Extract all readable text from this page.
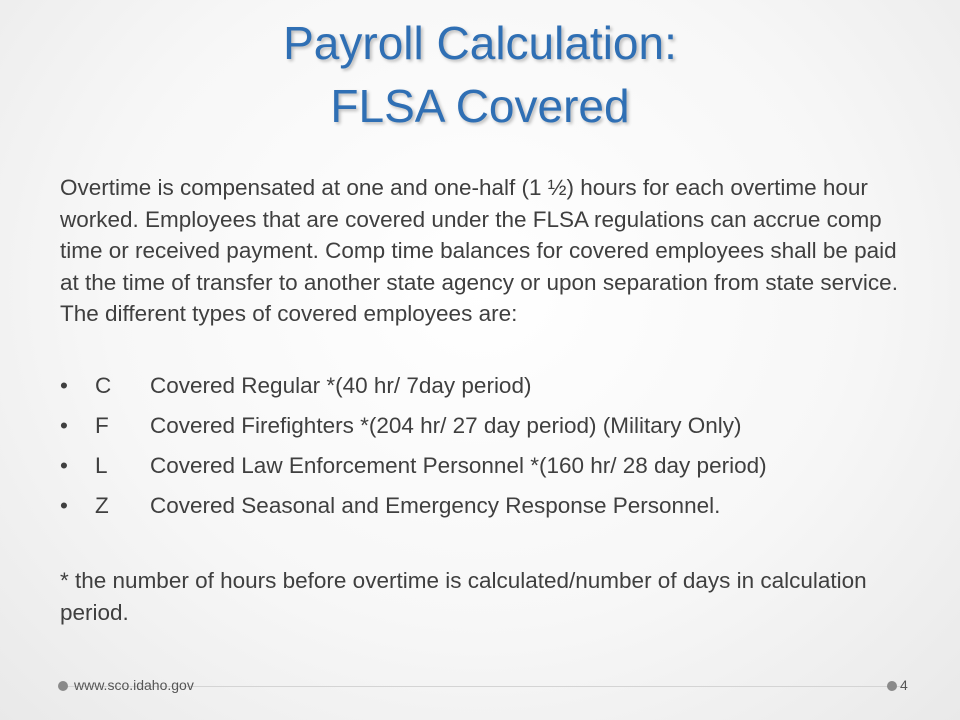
Payroll Calculation:
FLSA Covered

Overtime is compensated at one and one-half (1 ½) hours for each overtime hour worked. Employees that are covered under the FLSA regulations can accrue comp time or received payment. Comp time balances for covered employees shall be paid at the time of transfer to another state agency or upon separation from state service. The different types of covered employees are:

• C Covered Regular *(40 hr/ 7day period)
• F Covered Firefighters *(204 hr/ 27 day period) (Military Only)
• L Covered Law Enforcement Personnel *(160 hr/ 28 day period)
• Z Covered Seasonal and Emergency Response Personnel.

* the number of hours before overtime is calculated/number of days in calculation period.

www.sco.idaho.gov	4
